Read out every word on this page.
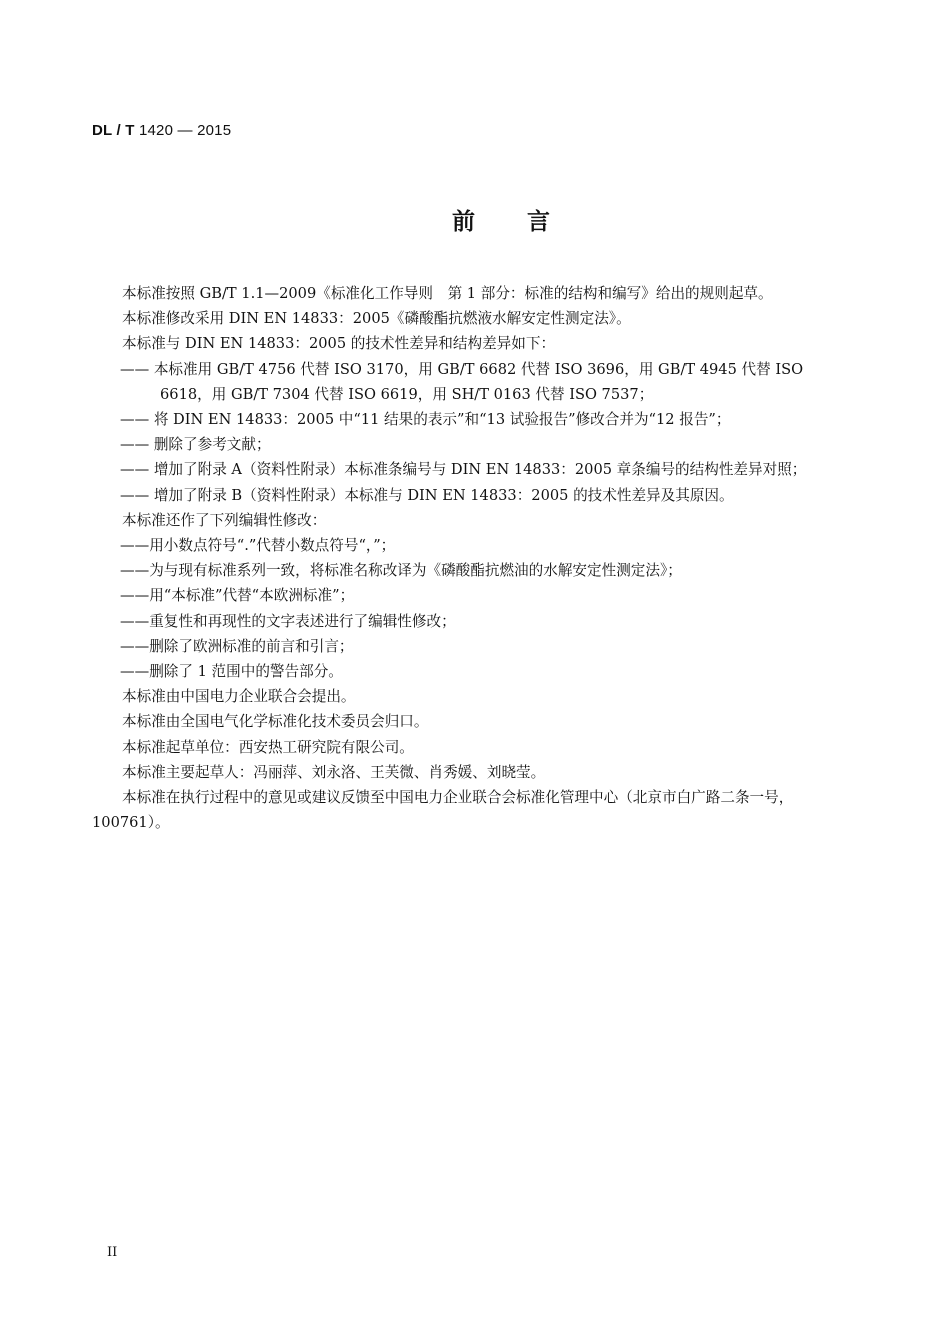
DL / T 1420 — 2015
前言

本标准按照 GB/T 1.1—2009《标准化工作导则　第 1 部分：标准的结构和编写》给出的规则起草。

本标准修改采用 DIN EN 14833：2005《磷酸酯抗燃液水解安定性测定法》。

本标准与 DIN EN 14833：2005 的技术性差异和结构差异如下：

—— 本标准用 GB/T 4756 代替 ISO 3170，用 GB/T 6682 代替 ISO 3696，用 GB/T 4945 代替 ISO 6618，用 GB/T 7304 代替 ISO 6619，用 SH/T 0163 代替 ISO 7537；

—— 将 DIN EN 14833：2005 中“11 结果的表示”和“13 试验报告”修改合并为“12 报告”；

—— 删除了参考文献；

—— 增加了附录 A（资料性附录）本标准条编号与 DIN EN 14833：2005 章条编号的结构性差异对照；

—— 增加了附录 B（资料性附录）本标准与 DIN EN 14833：2005 的技术性差异及其原因。

本标准还作了下列编辑性修改：

——用小数点符号“.”代替小数点符号“，”；

——为与现有标准系列一致，将标准名称改译为《磷酸酯抗燃油的水解安定性测定法》；

——用“本标准”代替“本欧洲标准”；

——重复性和再现性的文字表述进行了编辑性修改；

——删除了欧洲标准的前言和引言；

——删除了 1 范围中的警告部分。

本标准由中国电力企业联合会提出。

本标准由全国电气化学标准化技术委员会归口。

本标准起草单位：西安热工研究院有限公司。

本标准主要起草人：冯丽萍、刘永洛、王芙微、肖秀媛、刘晓莹。

本标准在执行过程中的意见或建议反馈至中国电力企业联合会标准化管理中心（北京市白广路二条一号，100761）。

II
